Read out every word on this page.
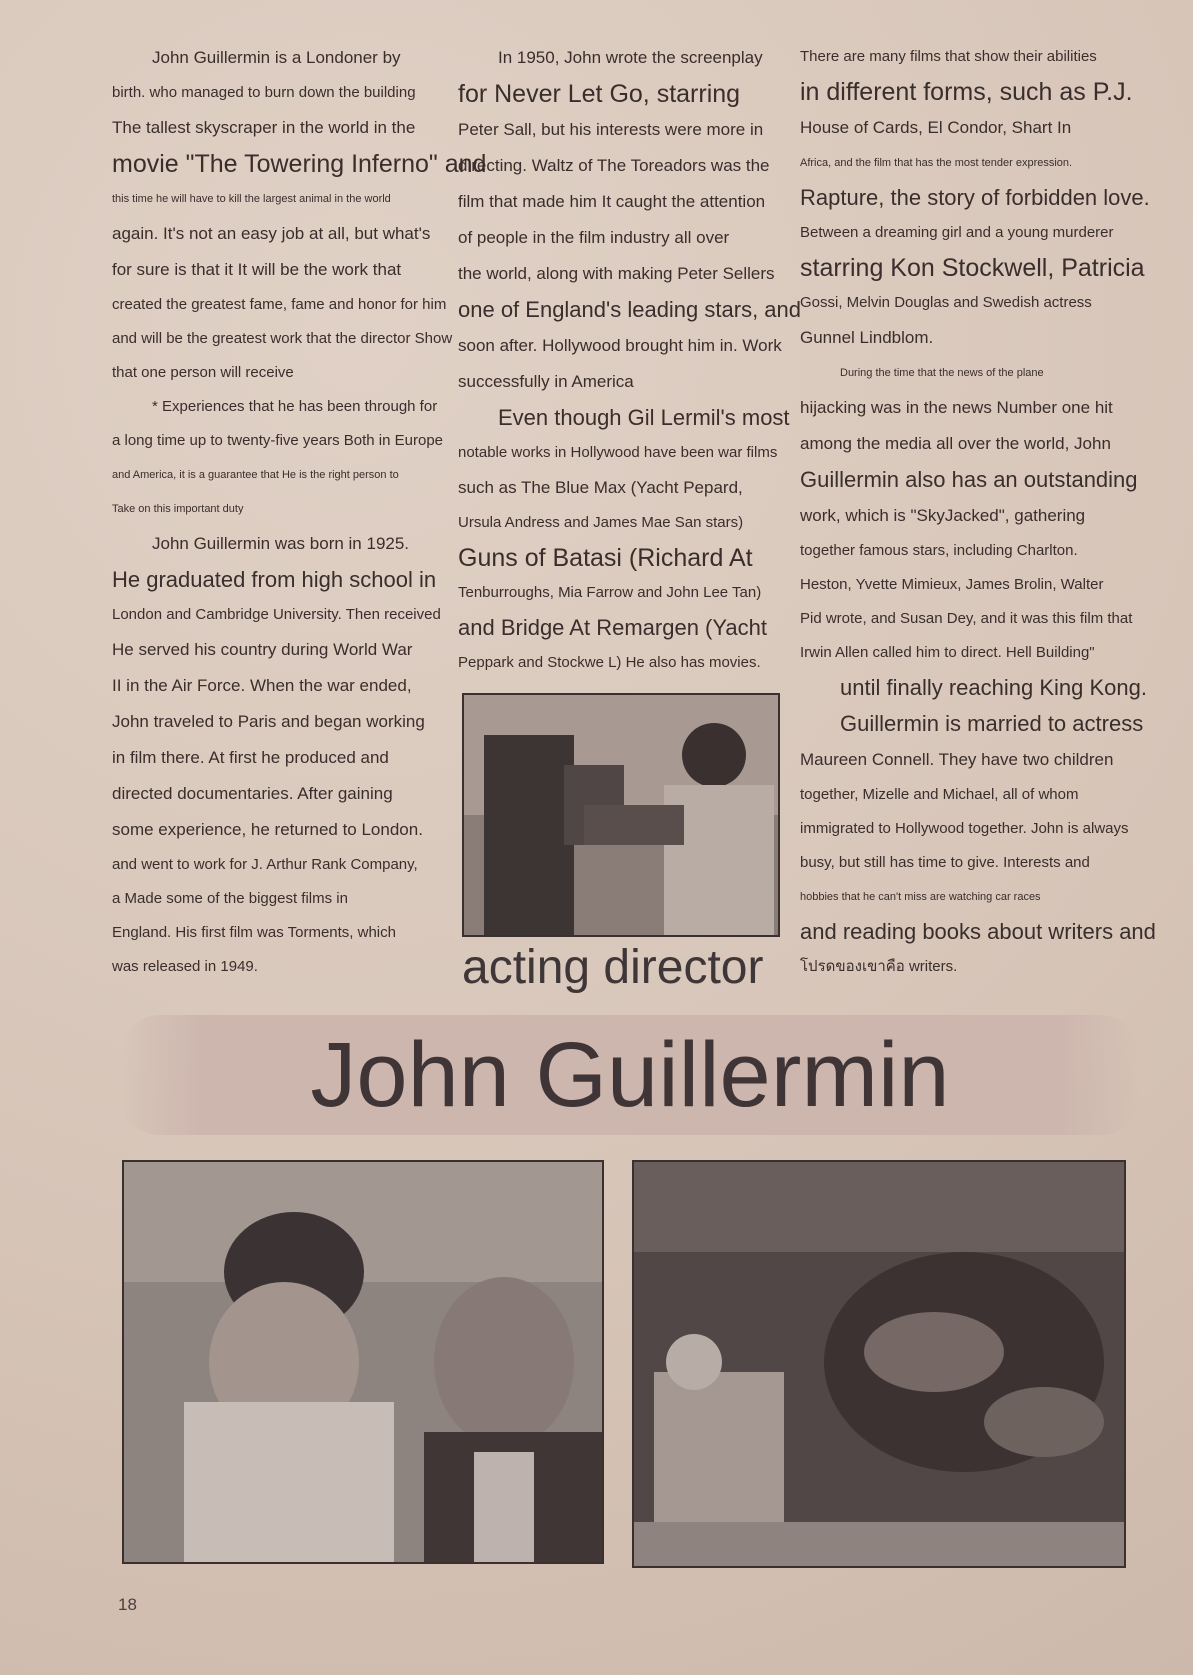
John Guillermin is a Londoner by
birth. who managed to burn down the building
The tallest skyscraper in the world in the
movie "The Towering Inferno" and
this time he will have to kill the largest animal in the world
again. It's not an easy job at all, but what's
for sure is that it It will be the work that
created the greatest fame, fame and honor for him
and will be the greatest work that the director Show
that one person will receive
* Experiences that he has been through for
a long time up to twenty-five years Both in Europe
and America, it is a guarantee that He is the right person to
Take on this important duty
John Guillermin was born in 1925.
He graduated from high school in
London and Cambridge University. Then received
He served his country during World War
II in the Air Force. When the war ended,
John traveled to Paris and began working
in film there. At first he produced and
directed documentaries. After gaining
some experience, he returned to London.
and went to work for J. Arthur Rank Company,
a Made some of the biggest films in
England. His first film was Torments, which
was released in 1949.
In 1950, John wrote the screenplay
for Never Let Go, starring
Peter Sall, but his interests were more in
directing. Waltz of The Toreadors was the
film that made him It caught the attention
of people in the film industry all over
the world, along with making Peter Sellers
one of England's leading stars, and
soon after. Hollywood brought him in. Work
successfully in America
Even though Gil Lermil's most
notable works in Hollywood have been war films
such as The Blue Max (Yacht Pepard,
Ursula Andress and James Mae San stars)
Guns of Batasi (Richard At
Tenburroughs, Mia Farrow and John Lee Tan)
and Bridge At Remargen (Yacht
Peppark and Stockwe L) He also has movies.
There are many films that show their abilities
in different forms, such as P.J.
House of Cards, El Condor, Shart In
Africa, and the film that has the most tender expression.
Rapture, the story of forbidden love.
Between a dreaming girl and a young murderer
starring Kon Stockwell, Patricia
Gossi, Melvin Douglas and Swedish actress
Gunnel Lindblom.
During the time that the news of the plane
hijacking was in the news Number one hit
among the media all over the world, John
Guillermin also has an outstanding
work, which is "SkyJacked", gathering
together famous stars, including Charlton.
Heston, Yvette Mimieux, James Brolin, Walter
Pid wrote, and Susan Dey, and it was this film that
Irwin Allen called him to direct. Hell Building"
until finally reaching King Kong.
Guillermin is married to actress
Maureen Connell. They have two children
together, Mizelle and Michael, all of whom
immigrated to Hollywood together. John is always
busy, but still has time to give. Interests and
hobbies that he can't miss are watching car races
and reading books about writers and
โปรดของเขาคือ writers.
acting director
John Guillermin
18
